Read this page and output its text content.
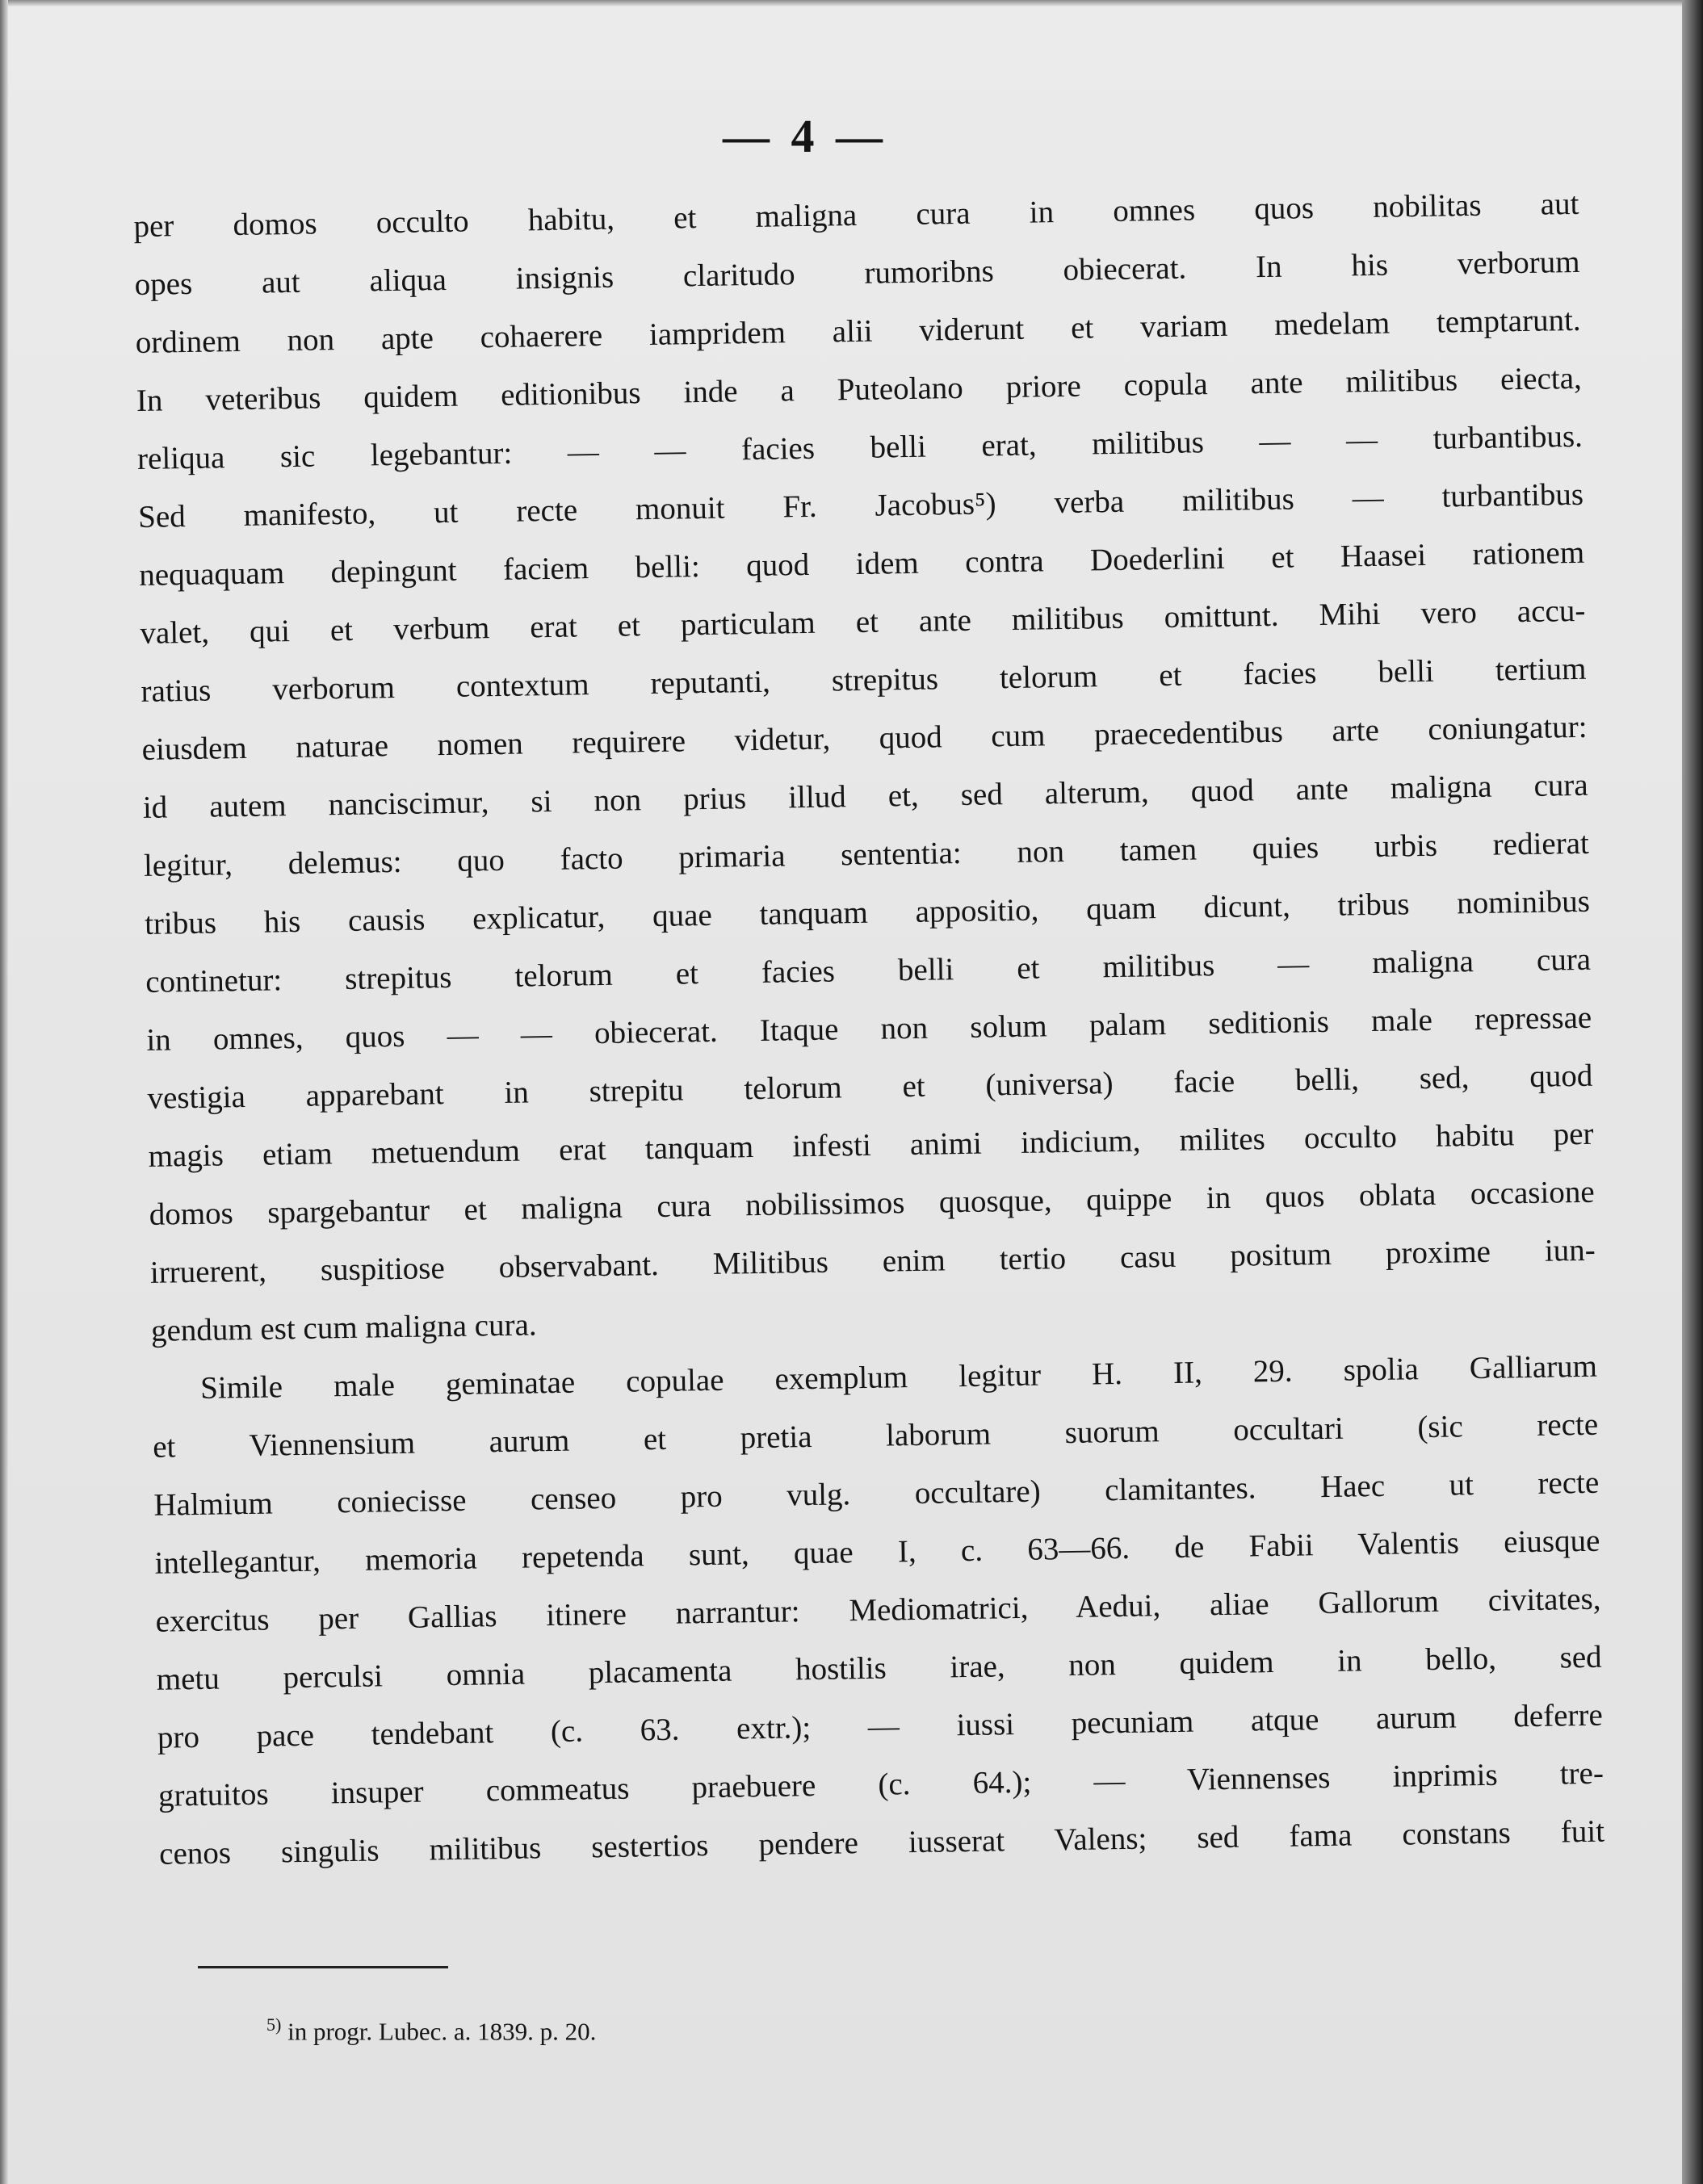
— 4 —
per domos occulto habitu, et maligna cura in omnes quos nobilitas aut
opes aut aliqua insignis claritudo rumoribns obiecerat. In his verborum
ordinem non apte cohaerere iampridem alii viderunt et variam medelam temptarunt.
In veteribus quidem editionibus inde a Puteolano priore copula ante militibus eiecta,
reliqua sic legebantur: — — facies belli erat, militibus — — turbantibus.
Sed manifesto, ut recte monuit Fr. Jacobus⁵) verba militibus — turbantibus
nequaquam depingunt faciem belli: quod idem contra Doederlini et Haasei rationem
valet, qui et verbum erat et particulam et ante militibus omittunt. Mihi vero accu-
ratius verborum contextum reputanti, strepitus telorum et facies belli tertium
eiusdem naturae nomen requirere videtur, quod cum praecedentibus arte coniungatur:
id autem nanciscimur, si non prius illud et, sed alterum, quod ante maligna cura
legitur, delemus: quo facto primaria sententia: non tamen quies urbis redierat
tribus his causis explicatur, quae tanquam appositio, quam dicunt, tribus nominibus
continetur: strepitus telorum et facies belli et militibus — maligna cura
in omnes, quos — — obiecerat. Itaque non solum palam seditionis male repressae
vestigia apparebant in strepitu telorum et (universa) facie belli, sed, quod
magis etiam metuendum erat tanquam infesti animi indicium, milites occulto habitu per
domos spargebantur et maligna cura nobilissimos quosque, quippe in quos oblata occasione
irruerent, suspitiose observabant. Militibus enim tertio casu positum proxime iun-
gendum est cum maligna cura.
Simile male geminatae copulae exemplum legitur H. II, 29. spolia Galliarum
et Viennensium aurum et pretia laborum suorum occultari (sic recte
Halmium coniecisse censeo pro vulg. occultare) clamitantes. Haec ut recte
intellegantur, memoria repetenda sunt, quae I, c. 63—66. de Fabii Valentis eiusque
exercitus per Gallias itinere narrantur: Mediomatrici, Aedui, aliae Gallorum civitates,
metu perculsi omnia placamenta hostilis irae, non quidem in bello, sed
pro pace tendebant (c. 63. extr.); — iussi pecuniam atque aurum deferre
gratuitos insuper commeatus praebuere (c. 64.); — Viennenses inprimis tre-
cenos singulis militibus sestertios pendere iusserat Valens; sed fama constans fuit
$^{5)}$ in progr. Lubec. a. 1839. p. 20.
